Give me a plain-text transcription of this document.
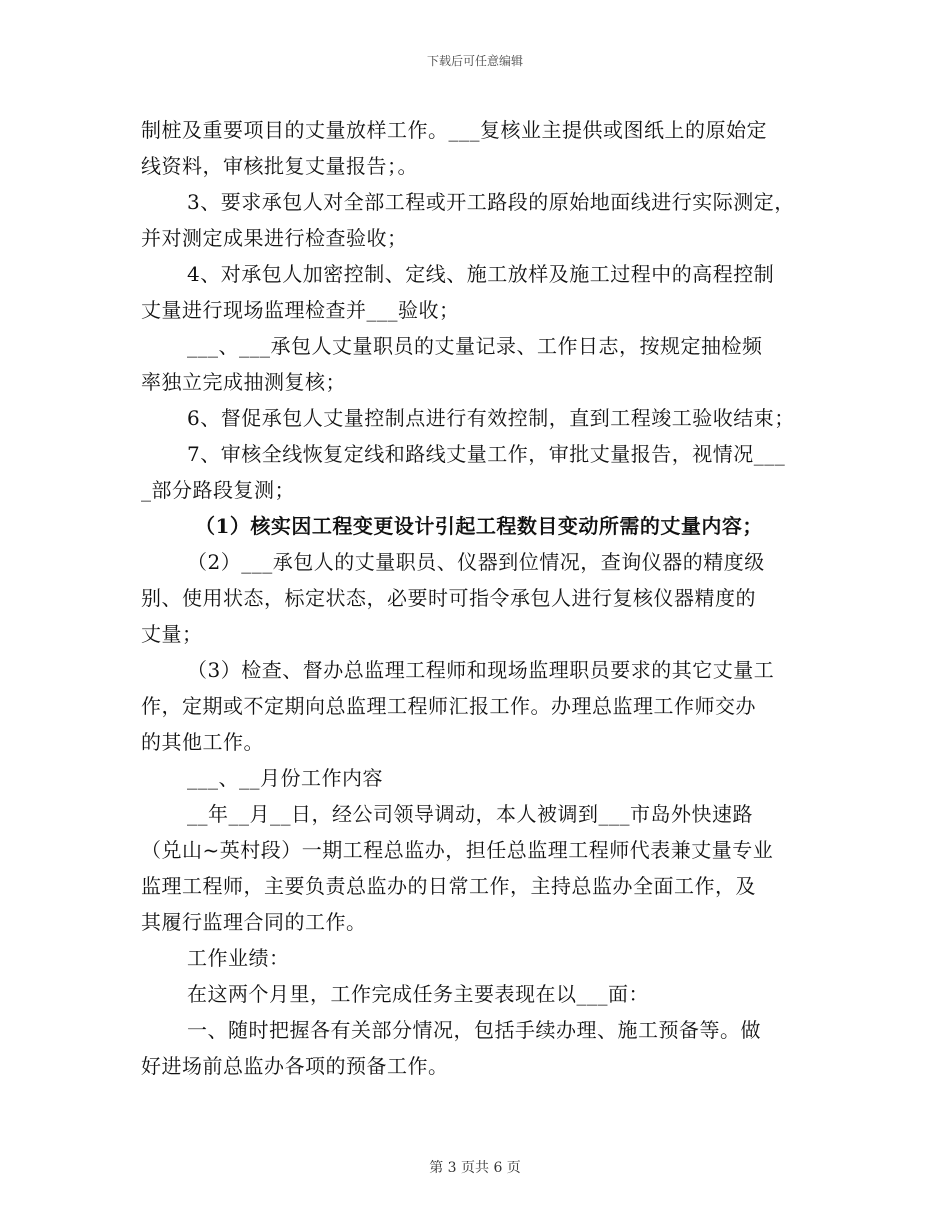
下载后可任意编辑
制桩及重要项目的丈量放样工作。___复核业主提供或图纸上的原始定
线资料，审核批复丈量报告；。
3、要求承包人对全部工程或开工路段的原始地面线进行实际测定，
并对测定成果进行检查验收；
4、对承包人加密控制、定线、施工放样及施工过程中的高程控制
丈量进行现场监理检查并___验收；
___、___承包人丈量职员的丈量记录、工作日志，按规定抽检频
率独立完成抽测复核；
6、督促承包人丈量控制点进行有效控制，直到工程竣工验收结束；
7、审核全线恢复定线和路线丈量工作，审批丈量报告，视情况___
_部分路段复测；
（1）核实因工程变更设计引起工程数目变动所需的丈量内容；
（2）___承包人的丈量职员、仪器到位情况，查询仪器的精度级
别、使用状态，标定状态，必要时可指令承包人进行复核仪器精度的
丈量；
（3）检查、督办总监理工程师和现场监理职员要求的其它丈量工
作，定期或不定期向总监理工程师汇报工作。办理总监理工作师交办
的其他工作。
___、__月份工作内容
__年__月__日，经公司领导调动，本人被调到___市岛外快速路
（兑山~英村段）一期工程总监办，担任总监理工程师代表兼丈量专业
监理工程师，主要负责总监办的日常工作，主持总监办全面工作，及
其履行监理合同的工作。
工作业绩：
在这两个月里，工作完成任务主要表现在以___面：
一、随时把握各有关部分情况，包括手续办理、施工预备等。做
好进场前总监办各项的预备工作。
第 3 页共 6 页
